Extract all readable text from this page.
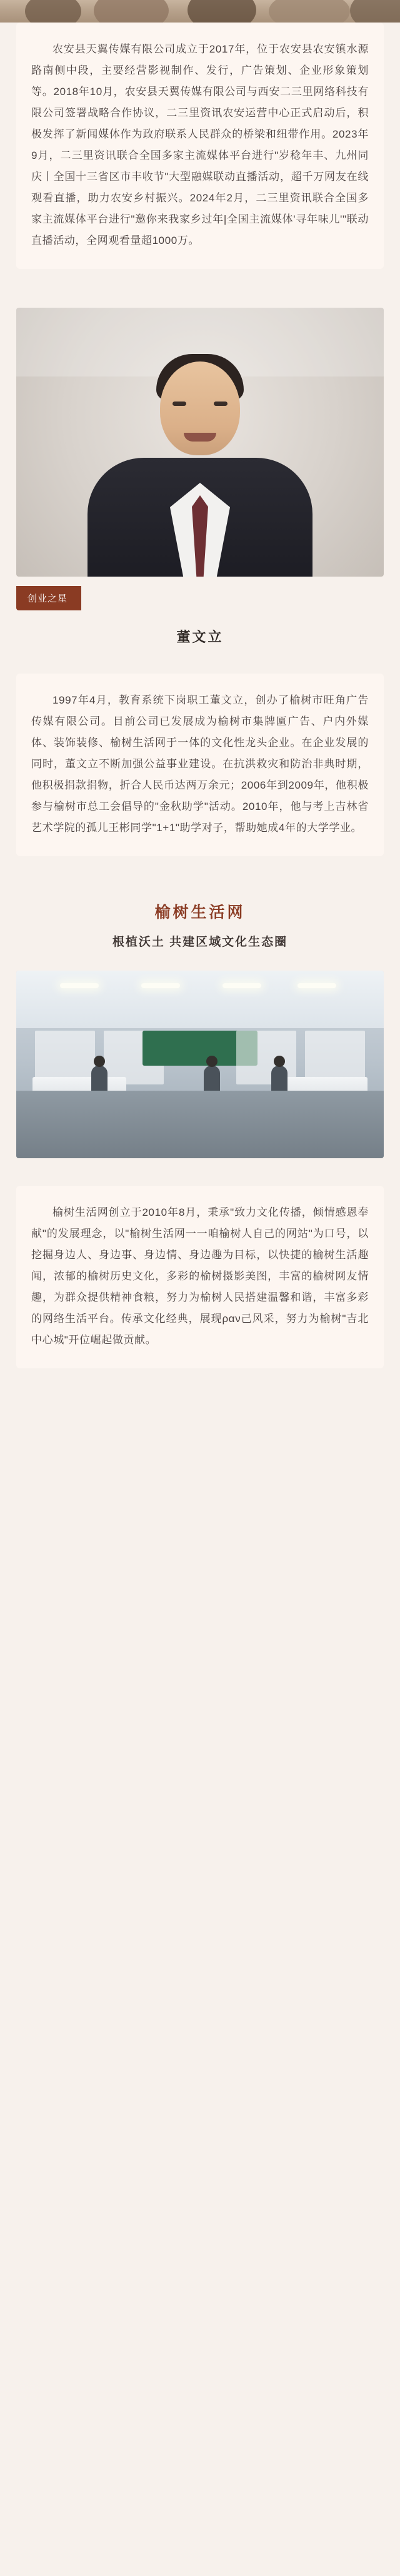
农安县天翼传媒有限公司成立于2017年，位于农安县农安镇水源路南侧中段，主要经营影视制作、发行，广告策划、企业形象策划等。2018年10月，农安县天翼传媒有限公司与西安二三里网络科技有限公司签署战略合作协议，二三里资讯农安运营中心正式启动后，积极发挥了新闻媒体作为政府联系人民群众的桥梁和纽带作用。2023年9月，二三里资讯联合全国多家主流媒体平台进行"岁稔年丰、九州同庆丨全国十三省区市丰收节"大型融媒联动直播活动，超千万网友在线观看直播，助力农安乡村振兴。2024年2月，二三里资讯联合全国多家主流媒体平台进行"邀你来我家乡过年|全国主流媒体'寻年味儿'"联动直播活动，全网观看量超1000万。

创业之星
董文立

1997年4月，教育系统下岗职工董文立，创办了榆树市旺角广告传媒有限公司。目前公司已发展成为榆树市集牌匾广告、户内外媒体、装饰装修、榆树生活网于一体的文化性龙头企业。在企业发展的同时，董文立不断加强公益事业建设。在抗洪救灾和防治非典时期，他积极捐款捐物，折合人民币达两万余元；2006年到2009年，他积极参与榆树市总工会倡导的"金秋助学"活动。2010年，他与考上吉林省艺术学院的孤儿王彬同学"1+1"助学对子，帮助她成4年的大学学业。

榆树生活网
根植沃土 共建区域文化生态圈

榆树生活网创立于2010年8月，秉承"致力文化传播，倾情感恩奉献"的发展理念，以"榆树生活网一一咱榆树人自己的网站"为口号，以挖掘身边人、身边事、身边情、身边趣为目标，以快捷的榆树生活趣闻，浓郁的榆树历史文化，多彩的榆树摄影美图，丰富的榆树网友情趣，为群众提供精神食粮，努力为榆树人民搭建温馨和谐，丰富多彩的网络生活平台。传承文化经典，展现ραν己风采，努力为榆树"吉北中心城"开位崛起做贡献。
